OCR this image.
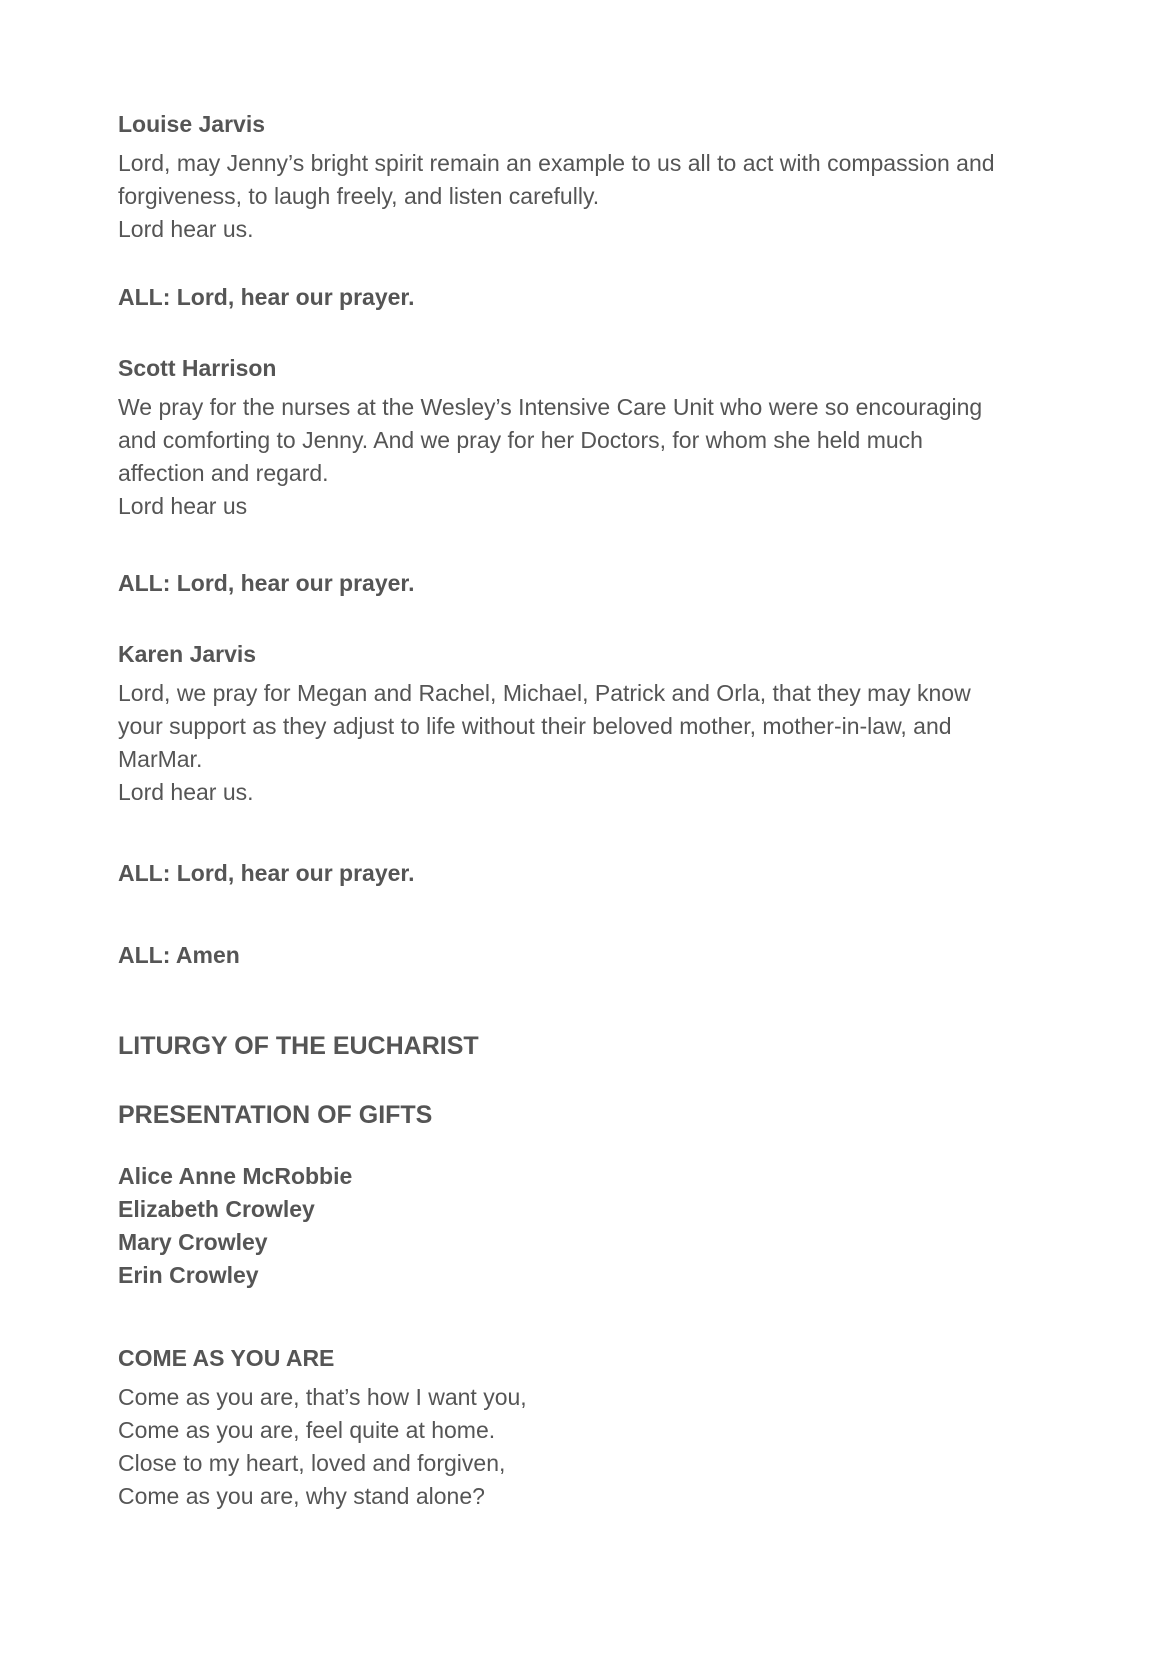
Louise Jarvis

Lord, may Jenny’s bright spirit remain an example to us all to act with compassion and

forgiveness, to laugh freely, and listen carefully.

Lord hear us.

ALL: Lord, hear our prayer.

Scott Harrison

We pray for the nurses at the Wesley’s Intensive Care Unit who were so encouraging

and comforting to Jenny. And we pray for her Doctors, for whom she held much

affection and regard.

Lord hear us

ALL: Lord, hear our prayer.

Karen Jarvis

Lord, we pray for Megan and Rachel, Michael, Patrick and Orla, that they may know

your support as they adjust to life without their beloved mother, mother-in-law, and

MarMar.

Lord hear us.

ALL: Lord, hear our prayer.

ALL: Amen

LITURGY OF THE EUCHARIST

PRESENTATION OF GIFTS

Alice Anne McRobbie

Elizabeth Crowley

Mary Crowley

Erin Crowley

COME AS YOU ARE

Come as you are, that’s how I want you,

Come as you are, feel quite at home.

Close to my heart, loved and forgiven,

Come as you are, why stand alone?
